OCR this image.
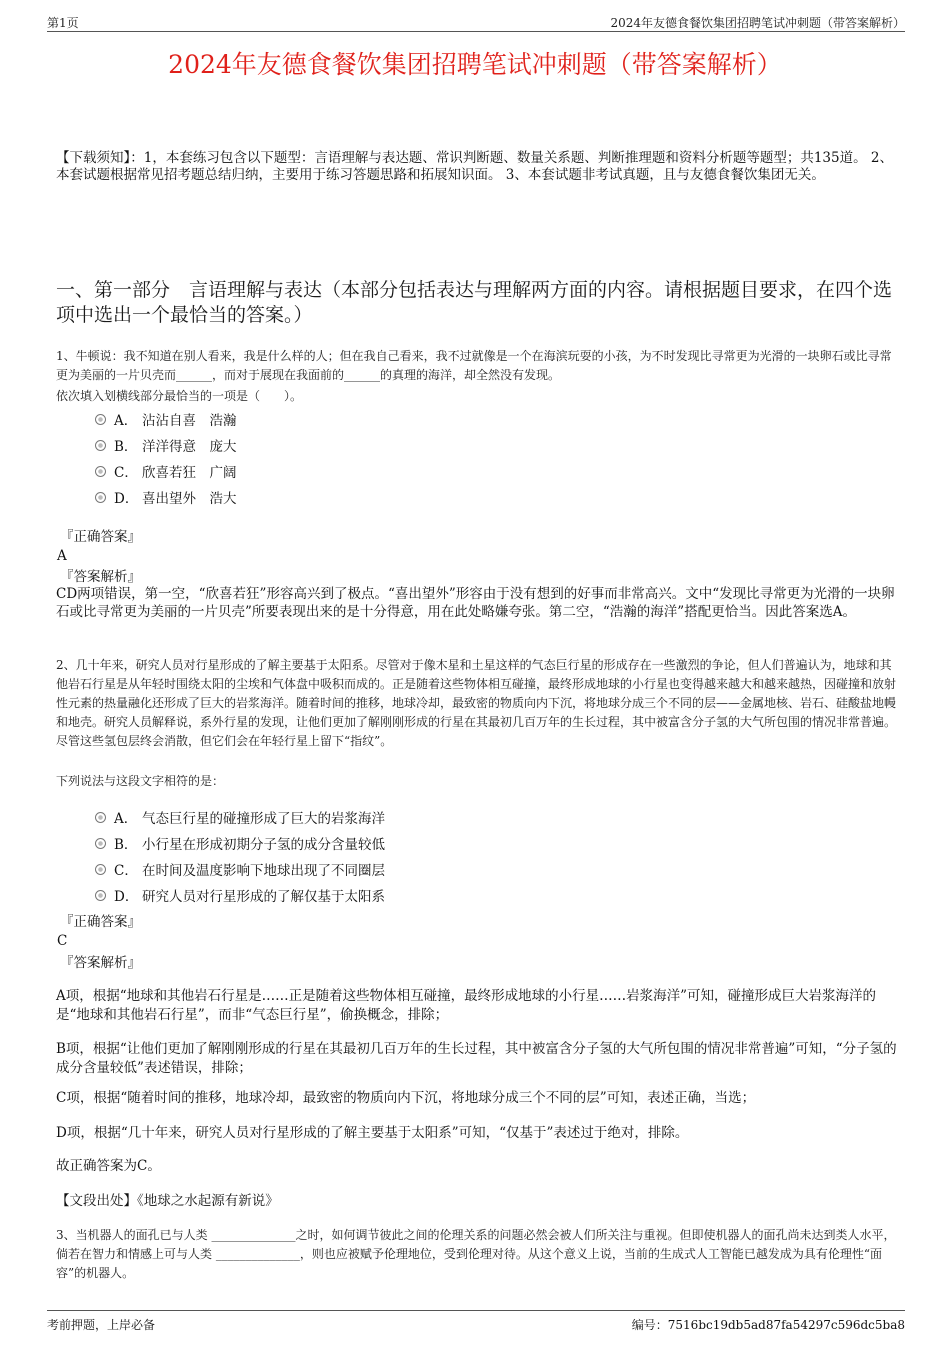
第1页	2024年友德食餐饮集团招聘笔试冲刺题（带答案解析）
2024年友德食餐饮集团招聘笔试冲刺题（带答案解析）
【下载须知】：1，本套练习包含以下题型：言语理解与表达题、常识判断题、数量关系题、判断推理题和资料分析题等题型；共135道。 2、本套试题根据常见招考题总结归纳，主要用于练习答题思路和拓展知识面。 3、本套试题非考试真题，且与友德食餐饮集团无关。
一、第一部分　言语理解与表达（本部分包括表达与理解两方面的内容。请根据题目要求，在四个选项中选出一个最恰当的答案。）
1、牛顿说：我不知道在别人看来，我是什么样的人；但在我自己看来，我不过就像是一个在海滨玩耍的小孩，为不时发现比寻常更为光滑的一块卵石或比寻常更为美丽的一片贝壳而______，而对于展现在我面前的______的真理的海洋，却全然没有发现。
依次填入划横线部分最恰当的一项是（　　）。
A． 沾沾自喜　浩瀚
B． 洋洋得意　庞大
C． 欣喜若狂　广阔
D． 喜出望外　浩大
『正确答案』
A
『答案解析』
CD两项错误，第一空，“欣喜若狂”形容高兴到了极点。“喜出望外”形容由于没有想到的好事而非常高兴。文中“发现比寻常更为光滑的一块卵石或比寻常更为美丽的一片贝壳”所要表现出来的是十分得意，用在此处略嫌夸张。第二空，“浩瀚的海洋”搭配更恰当。因此答案选A。
2、几十年来，研究人员对行星形成的了解主要基于太阳系。尽管对于像木星和土星这样的气态巨行星的形成存在一些激烈的争论，但人们普遍认为，地球和其他岩石行星是从年轻时围绕太阳的尘埃和气体盘中吸积而成的。正是随着这些物体相互碰撞，最终形成地球的小行星也变得越来越大和越来越热，因碰撞和放射性元素的热量融化还形成了巨大的岩浆海洋。随着时间的推移，地球冷却，最致密的物质向内下沉，将地球分成三个不同的层——金属地核、岩石、硅酸盐地幔和地壳。研究人员解释说，系外行星的发现，让他们更加了解刚刚形成的行星在其最初几百万年的生长过程，其中被富含分子氢的大气所包围的情况非常普遍。尽管这些氢包层终会消散，但它们会在年轻行星上留下“指纹”。
下列说法与这段文字相符的是：
A． 气态巨行星的碰撞形成了巨大的岩浆海洋
B． 小行星在形成初期分子氢的成分含量较低
C． 在时间及温度影响下地球出现了不同圈层
D． 研究人员对行星形成的了解仅基于太阳系
『正确答案』
C
『答案解析』
A项，根据“地球和其他岩石行星是……正是随着这些物体相互碰撞，最终形成地球的小行星……岩浆海洋”可知，碰撞形成巨大岩浆海洋的是“地球和其他岩石行星”，而非“气态巨行星”，偷换概念，排除；
B项，根据“让他们更加了解刚刚形成的行星在其最初几百万年的生长过程，其中被富含分子氢的大气所包围的情况非常普遍”可知，“分子氢的成分含量较低”表述错误，排除；
C项，根据“随着时间的推移，地球冷却，最致密的物质向内下沉，将地球分成三个不同的层”可知，表述正确，当选；
D项，根据“几十年来，研究人员对行星形成的了解主要基于太阳系”可知，“仅基于”表述过于绝对，排除。
故正确答案为C。
【文段出处】《地球之水起源有新说》
3、当机器人的面孔已与人类 ______________之时，如何调节彼此之间的伦理关系的问题必然会被人们所关注与重视。但即使机器人的面孔尚未达到类人水平，倘若在智力和情感上可与人类 ______________，则也应被赋予伦理地位，受到伦理对待。从这个意义上说，当前的生成式人工智能已越发成为具有伦理性“面容”的机器人。
考前押题，上岸必备	编号：7516bc19db5ad87fa54297c596dc5ba8
